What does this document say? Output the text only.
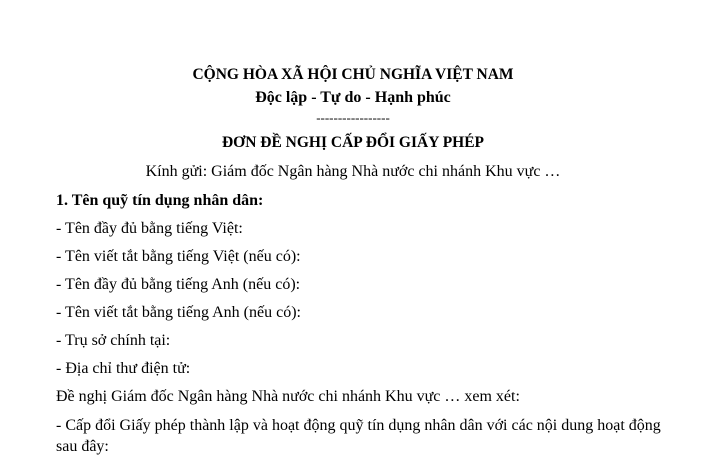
CỘNG HÒA XÃ HỘI CHỦ NGHĨA VIỆT NAM
Độc lập - Tự do - Hạnh phúc
-----------------
ĐƠN ĐỀ NGHỊ CẤP ĐỔI GIẤY PHÉP
Kính gửi: Giám đốc Ngân hàng Nhà nước chi nhánh Khu vực …
1. Tên quỹ tín dụng nhân dân:
- Tên đầy đủ bằng tiếng Việt:
- Tên viết tắt bằng tiếng Việt (nếu có):
- Tên đầy đủ bằng tiếng Anh (nếu có):
- Tên viết tắt bằng tiếng Anh (nếu có):
- Trụ sở chính tại:
- Địa chỉ thư điện tử:
Đề nghị Giám đốc Ngân hàng Nhà nước chi nhánh Khu vực … xem xét:
- Cấp đổi Giấy phép thành lập và hoạt động quỹ tín dụng nhân dân với các nội dung hoạt động sau đây:
